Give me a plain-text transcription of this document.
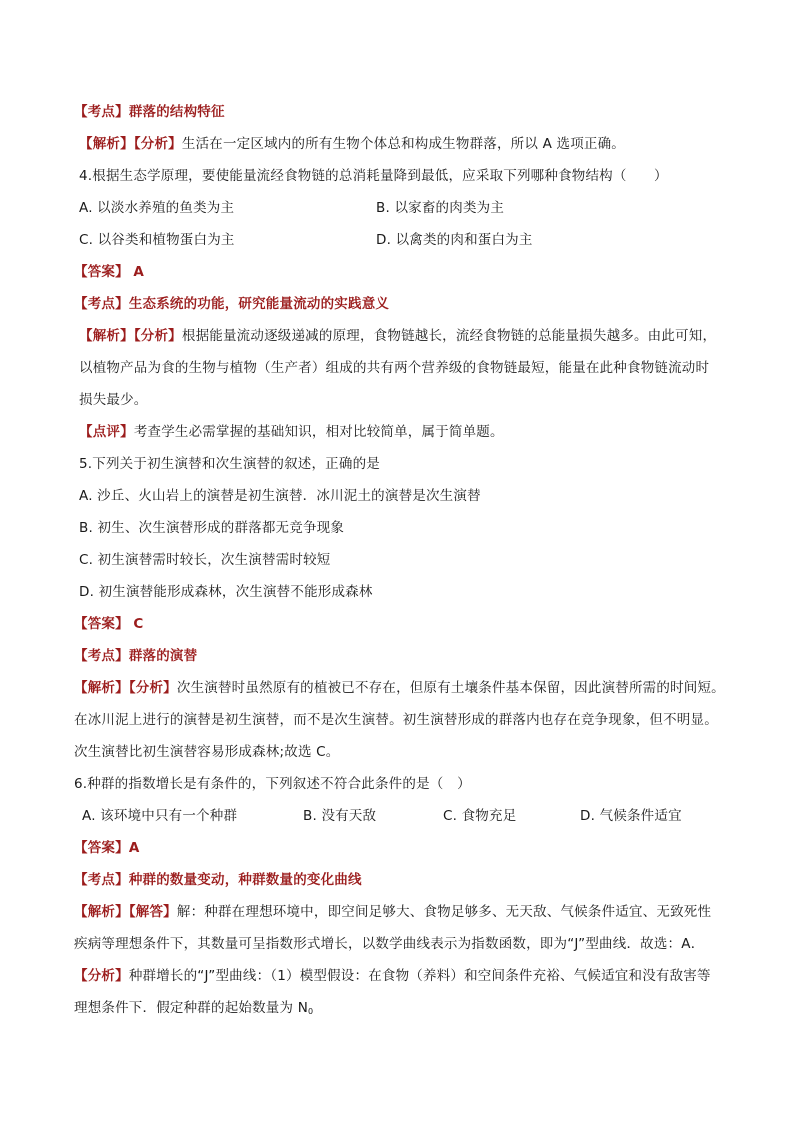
【考点】群落的结构特征
【解析】【分析】生活在一定区域内的所有生物个体总和构成生物群落，所以 A 选项正确。
4.根据生态学原理，要使能量流经食物链的总消耗量降到最低，应采取下列哪种食物结构（　　）
A. 以淡水养殖的鱼类为主	B. 以家畜的肉类为主
C. 以谷类和植物蛋白为主	D. 以禽类的肉和蛋白为主
【答案】 A
【考点】生态系统的功能，研究能量流动的实践意义
【解析】【分析】根据能量流动逐级递减的原理，食物链越长，流经食物链的总能量损失越多。由此可知，
以植物产品为食的生物与植物（生产者）组成的共有两个营养级的食物链最短，能量在此种食物链流动时
损失最少。
【点评】考查学生必需掌握的基础知识，相对比较简单，属于简单题。
5.下列关于初生演替和次生演替的叙述，正确的是
A. 沙丘、火山岩上的演替是初生演替．冰川泥土的演替是次生演替
B. 初生、次生演替形成的群落都无竞争现象
C. 初生演替需时较长，次生演替需时较短
D. 初生演替能形成森林，次生演替不能形成森林
【答案】 C
【考点】群落的演替
【解析】【分析】次生演替时虽然原有的植被已不存在，但原有土壤条件基本保留，因此演替所需的时间短。
在冰川泥上进行的演替是初生演替，而不是次生演替。初生演替形成的群落内也存在竞争现象，但不明显。
次生演替比初生演替容易形成森林;故选 C。
6.种群的指数增长是有条件的，下列叙述不符合此条件的是（　）
A. 该环境中只有一个种群	B. 没有天敌	C. 食物充足	D. 气候条件适宜
【答案】A
【考点】种群的数量变动，种群数量的变化曲线
【解析】【解答】解：种群在理想环境中，即空间足够大、食物足够多、无天敌、气候条件适宜、无致死性
疾病等理想条件下，其数量可呈指数形式增长，以数学曲线表示为指数函数，即为“J”型曲线．故选：A．
【分析】种群增长的“J”型曲线：（1）模型假设：在食物（养料）和空间条件充裕、气候适宜和没有敌害等
理想条件下．假定种群的起始数量为 $N_0$
